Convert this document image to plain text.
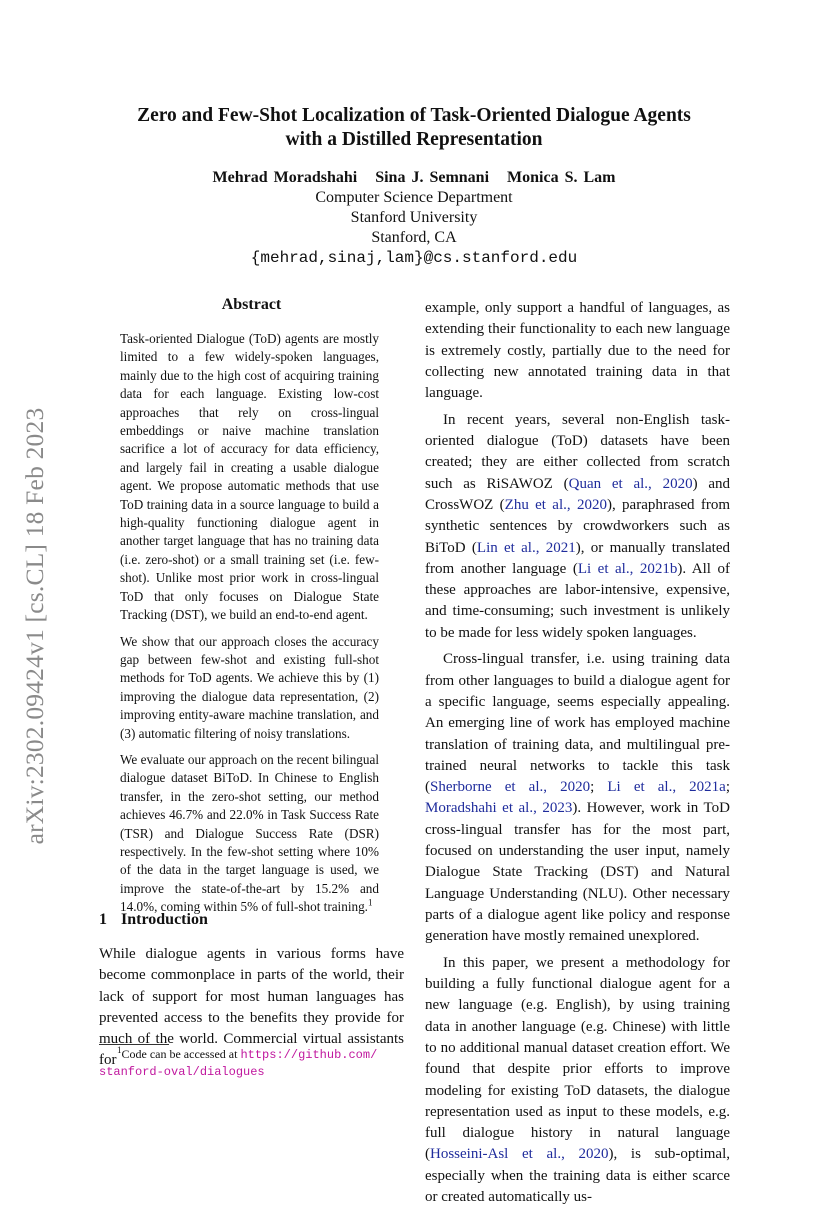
arXiv:2302.09424v1 [cs.CL] 18 Feb 2023
Zero and Few-Shot Localization of Task-Oriented Dialogue Agents
with a Distilled Representation
Mehrad Moradshahi Sina J. Semnani Monica S. Lam
Computer Science Department
Stanford University
Stanford, CA
{mehrad,sinaj,lam}@cs.stanford.edu
Abstract

Task-oriented Dialogue (ToD) agents are mostly limited to a few widely-spoken languages, mainly due to the high cost of acquiring training data for each language. Existing low-cost approaches that rely on cross-lingual embeddings or naive machine translation sacrifice a lot of accuracy for data efficiency, and largely fail in creating a usable dialogue agent. We propose automatic methods that use ToD training data in a source language to build a high-quality functioning dialogue agent in another target language that has no training data (i.e. zero-shot) or a small training set (i.e. few-shot). Unlike most prior work in cross-lingual ToD that only focuses on Dialogue State Tracking (DST), we build an end-to-end agent.

We show that our approach closes the accuracy gap between few-shot and existing full-shot methods for ToD agents. We achieve this by (1) improving the dialogue data representation, (2) improving entity-aware machine translation, and (3) automatic filtering of noisy translations.

We evaluate our approach on the recent bilingual dialogue dataset BiToD. In Chinese to English transfer, in the zero-shot setting, our method achieves 46.7% and 22.0% in Task Success Rate (TSR) and Dialogue Success Rate (DSR) respectively. In the few-shot setting where 10% of the data in the target language is used, we improve the state-of-the-art by 15.2% and 14.0%, coming within 5% of full-shot training.$^1$

1 Introduction
While dialogue agents in various forms have become commonplace in parts of the world, their lack of support for most human languages has prevented access to the benefits they provide for much of the world. Commercial virtual assistants for
$^1$Code can be accessed at https://github.com/
stanford-oval/dialogues

example, only support a handful of languages, as extending their functionality to each new language is extremely costly, partially due to the need for collecting new annotated training data in that language.

In recent years, several non-English task-oriented dialogue (ToD) datasets have been created; they are either collected from scratch such as RiSAWOZ (Quan et al., 2020) and CrossWOZ (Zhu et al., 2020), paraphrased from synthetic sentences by crowdworkers such as BiToD (Lin et al., 2021), or manually translated from another language (Li et al., 2021b). All of these approaches are labor-intensive, expensive, and time-consuming; such investment is unlikely to be made for less widely spoken languages.

Cross-lingual transfer, i.e. using training data from other languages to build a dialogue agent for a specific language, seems especially appealing. An emerging line of work has employed machine translation of training data, and multilingual pre-trained neural networks to tackle this task (Sherborne et al., 2020; Li et al., 2021a; Moradshahi et al., 2023). However, work in ToD cross-lingual transfer has for the most part, focused on understanding the user input, namely Dialogue State Tracking (DST) and Natural Language Understanding (NLU). Other necessary parts of a dialogue agent like policy and response generation have mostly remained unexplored.

In this paper, we present a methodology for building a fully functional dialogue agent for a new language (e.g. English), by using training data in another language (e.g. Chinese) with little to no additional manual dataset creation effort. We found that despite prior efforts to improve modeling for existing ToD datasets, the dialogue representation used as input to these models, e.g. full dialogue history in natural language (Hosseini-Asl et al., 2020), is sub-optimal, especially when the training data is either scarce or created automatically us-
